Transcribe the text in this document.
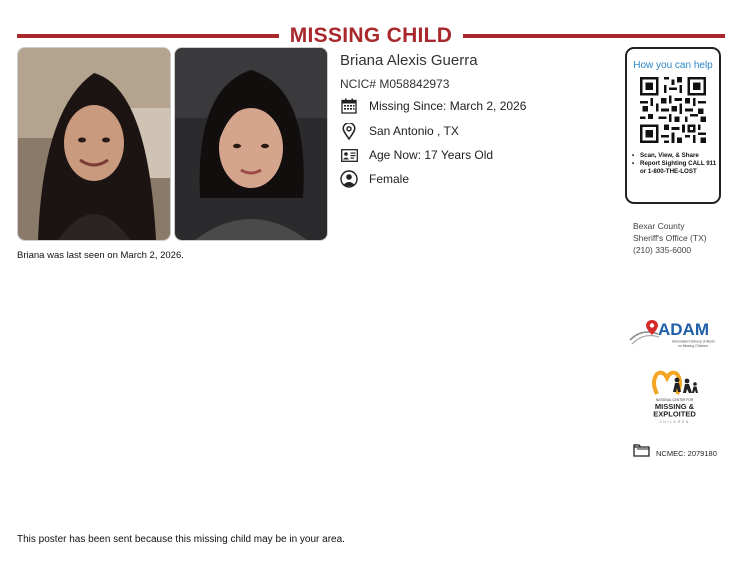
MISSING CHILD
Briana Alexis Guerra
NCIC# M058842973
Missing Since: March 2, 2026
San Antonio , TX
Age Now: 17 Years Old
Female
Briana was last seen on March 2, 2026.
How you can help
• Scan, View, & Share
• Report Sighting CALL 911 or 1-800-THE-LOST
Bexar County
Sheriff's Office (TX)
(210) 335-6000
ADAM
Automated Delivery of Alerts
on Missing Children
NATIONAL CENTER FOR
MISSING &
EXPLOITED
CHILDREN
NCMEC: 2079180
This poster has been sent because this missing child may be in your area.
